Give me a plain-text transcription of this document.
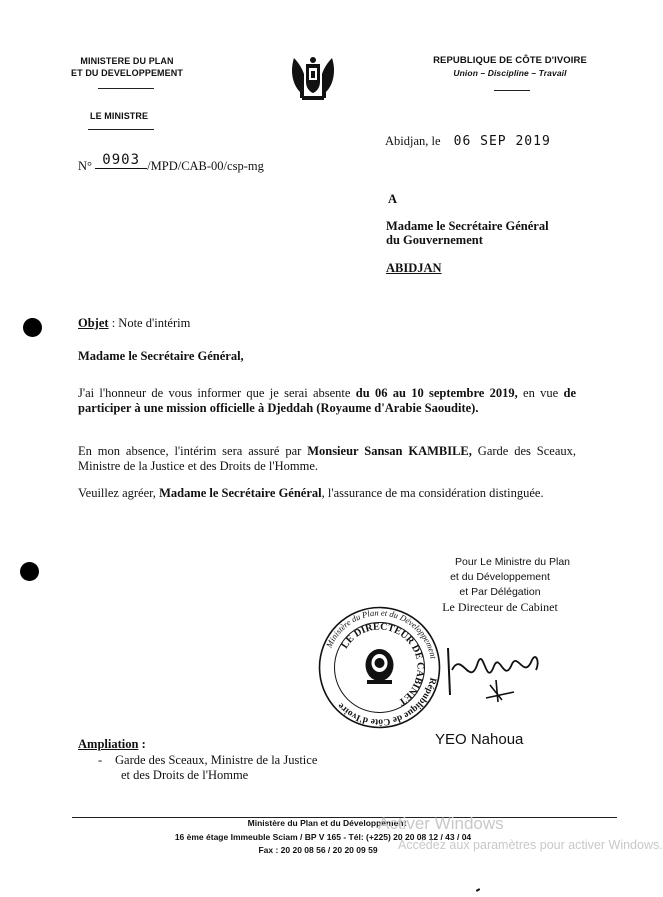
MINISTERE DU PLAN
ET DU DEVELOPPEMENT
LE MINISTRE
REPUBLIQUE DE CÔTE D'IVOIRE
Union – Discipline – Travail
N° 0903 /MPD/CAB-00/csp-mg
Abidjan, le 06 SEP 2019
A
Madame le Secrétaire Général
du Gouvernement
ABIDJAN
Objet : Note d'intérim
Madame le Secrétaire Général,

J'ai l'honneur de vous informer que je serai absente du 06 au 10 septembre 2019, en vue de participer à une mission officielle à Djeddah (Royaume d'Arabie Saoudite).

En mon absence, l'intérim sera assuré par Monsieur Sansan KAMBILE, Garde des Sceaux, Ministre de la Justice et des Droits de l'Homme.

Veuillez agréer, Madame le Secrétaire Général, l'assurance de ma considération distinguée.

Pour Le Ministre du Plan
et du Développement
et Par Délégation
Le Directeur de Cabinet
République de Côte d'Ivoire
Ministère du Plan et du Développement
LE DIRECTEUR DE CABINET
YEO Nahoua
Ampliation :
- Garde des Sceaux, Ministre de la Justice
et des Droits de l'Homme
Ministère du Plan et du Développement
16 ème étage Immeuble Sciam / BP V 165 - Tél: (+225) 20 20 08 12 / 43 / 04
Fax : 20 20 08 56 / 20 20 09 59
Activer Windows
Accédez aux paramètres pour activer Windows.
